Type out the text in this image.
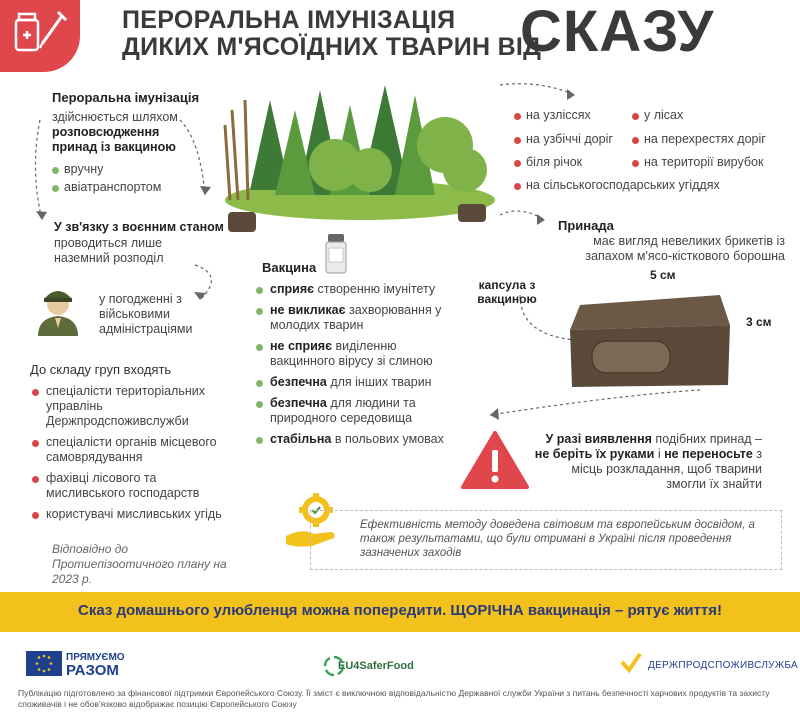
ПЕРОРАЛЬНА ІМУНІЗАЦІЯ
ДИКИХ М'ЯСОЇДНИХ ТВАРИН ВІД
СКАЗУ
Пероральна імунізація
здійснюється шляхом розповсюдження принад із вакциною
вручну
авіатранспортом
на узліссях
на узбіччі доріг
біля річок
на сільськогосподарських угіддях
у лісах
на перехрестях доріг
на території вирубок
У зв'язку з воєнним станом
проводиться лише наземний розподіл
у погодженні з військовими адміністраціями
Принада
має вигляд невеликих брикетів із запахом м'ясо-кісткового борошна
5 см
3 см
капсула з вакциною
Вакцина
сприяє створенню імунітету
не викликає захворювання у молодих тварин
не сприяє виділенню вакцинного вірусу зі слиною
безпечна для інших тварин
безпечна для людини та природного середовища
стабільна в польових умовах
До складу груп входять
спеціалісти територіальних управлінь Держпродспоживслужби
спеціалісти органів місцевого самоврядування
фахівці лісового та мисливського господарств
користувачі мисливських угідь
Відповідно до Протиепізоотичного плану на 2023 р.
У разі виявлення подібних принад – не беріть їх руками і не переносьте з місць розкладання, щоб тварини змогли їх знайти
Ефективність методу доведена світовим та європейським досвідом, а також результатами, що були отримані в Україні після проведення зазначених заходів
Сказ домашнього улюбленця можна попередити. ЩОРІЧНА вакцинація – рятує життя!
ПРЯМУЄМО
РАЗОМ	EU4SaferFood	ДЕРЖПРОДСПОЖИВСЛУЖБА
Публікацію підготовлено за фінансової підтримки Європейського Союзу. Її зміст є виключною відповідальністю Державної служби України з питань безпечності харчових продуктів та захисту споживачів і не обов'язково відображає позицію Європейського Союзу
